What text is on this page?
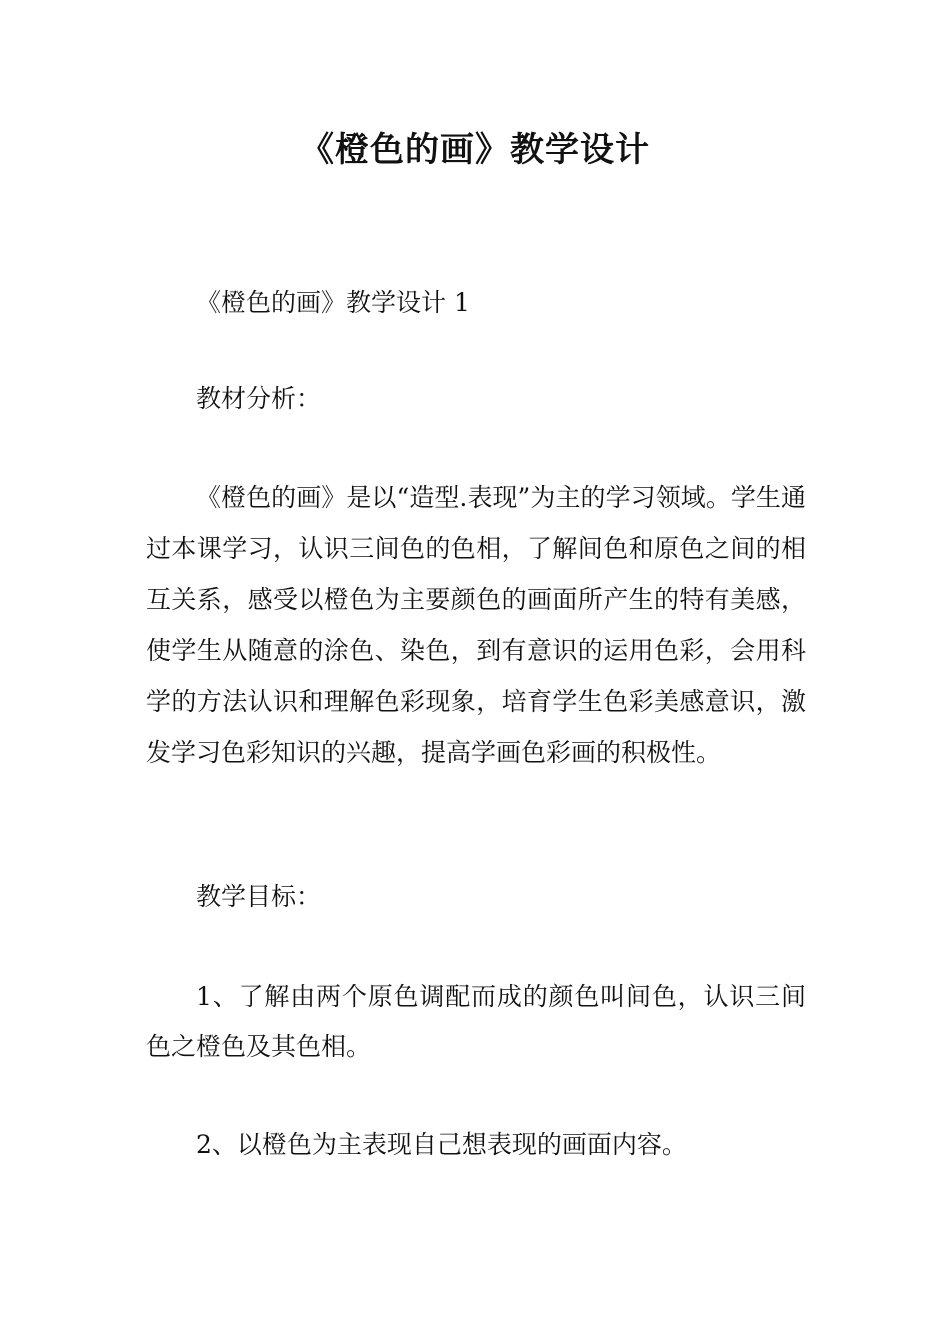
《橙色的画》教学设计

《橙色的画》教学设计 1

教材分析：

《橙色的画》是以“造型.表现”为主的学习领域。学生通过本课学习，认识三间色的色相，了解间色和原色之间的相互关系，感受以橙色为主要颜色的画面所产生的特有美感，使学生从随意的涂色、染色，到有意识的运用色彩，会用科学的方法认识和理解色彩现象，培育学生色彩美感意识，激发学习色彩知识的兴趣，提高学画色彩画的积极性。

教学目标：

1、了解由两个原色调配而成的颜色叫间色，认识三间色之橙色及其色相。

2、以橙色为主表现自己想表现的画面内容。
